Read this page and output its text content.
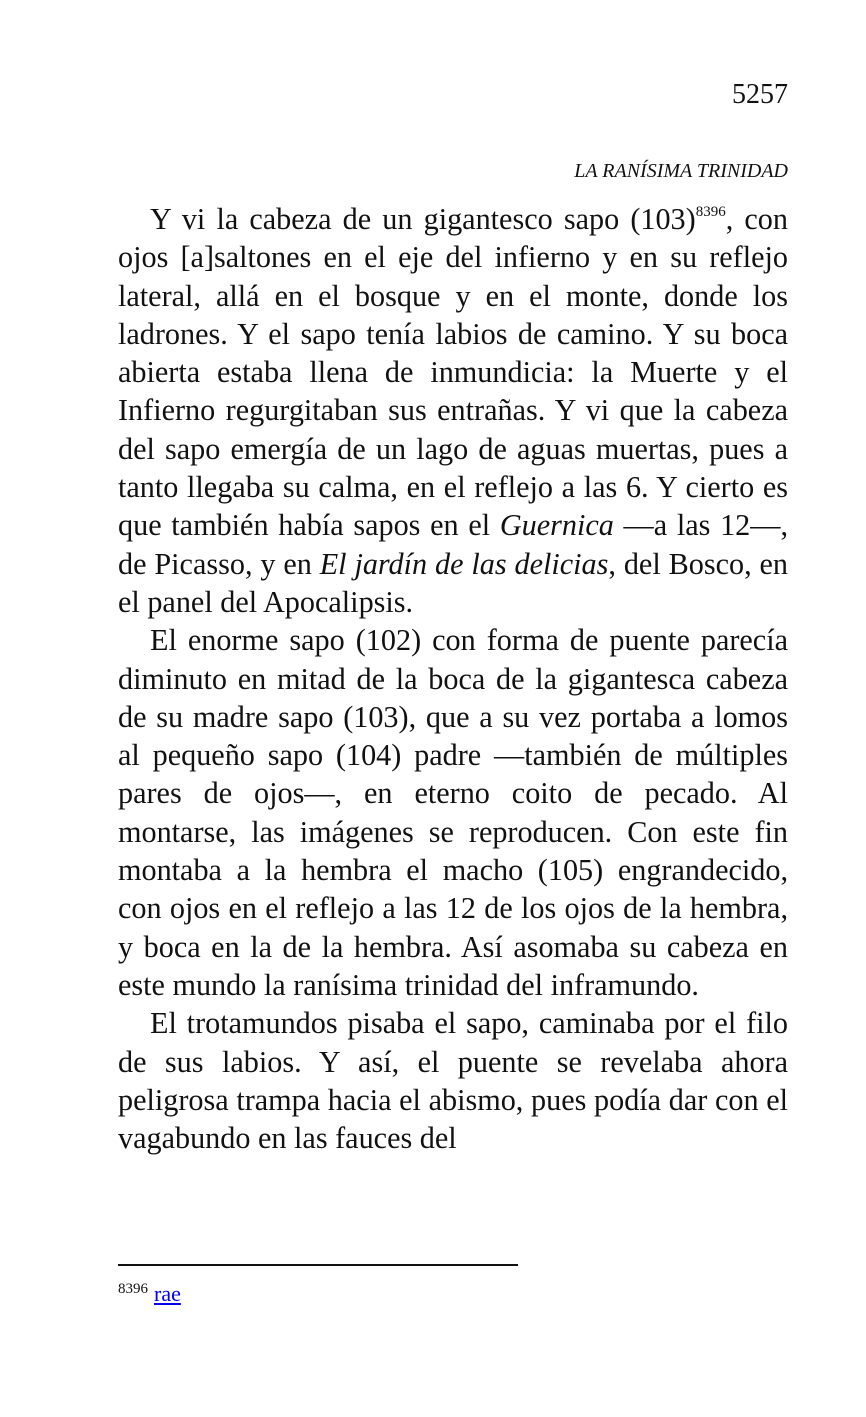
5257
LA RANÍSIMA TRINIDAD

Y vi la cabeza de un gigantesco sapo (103)$^{8396}$, con ojos [a]saltones en el eje del infierno y en su reflejo lateral, allá en el bosque y en el monte, donde los ladrones. Y el sapo tenía labios de camino. Y su boca abierta estaba llena de inmundicia: la Muerte y el Infierno regurgitaban sus entrañas. Y vi que la cabeza del sapo emergía de un lago de aguas muertas, pues a tanto llegaba su calma, en el reflejo a las 6. Y cierto es que también había sapos en el Guernica —a las 12—, de Picasso, y en El jardín de las delicias, del Bosco, en el panel del Apocalipsis.

El enorme sapo (102) con forma de puente parecía diminuto en mitad de la boca de la gigantesca cabeza de su madre sapo (103), que a su vez portaba a lomos al pequeño sapo (104) padre —también de múltiples pares de ojos—, en eterno coito de pecado. Al montarse, las imágenes se reproducen. Con este fin montaba a la hembra el macho (105) engrandecido, con ojos en el reflejo a las 12 de los ojos de la hembra, y boca en la de la hembra. Así asomaba su cabeza en este mundo la ranísima trinidad del inframundo.

El trotamundos pisaba el sapo, caminaba por el filo de sus labios. Y así, el puente se revelaba ahora peligrosa trampa hacia el abismo, pues podía dar con el vagabundo en las fauces del

$^{8396}$ rae
